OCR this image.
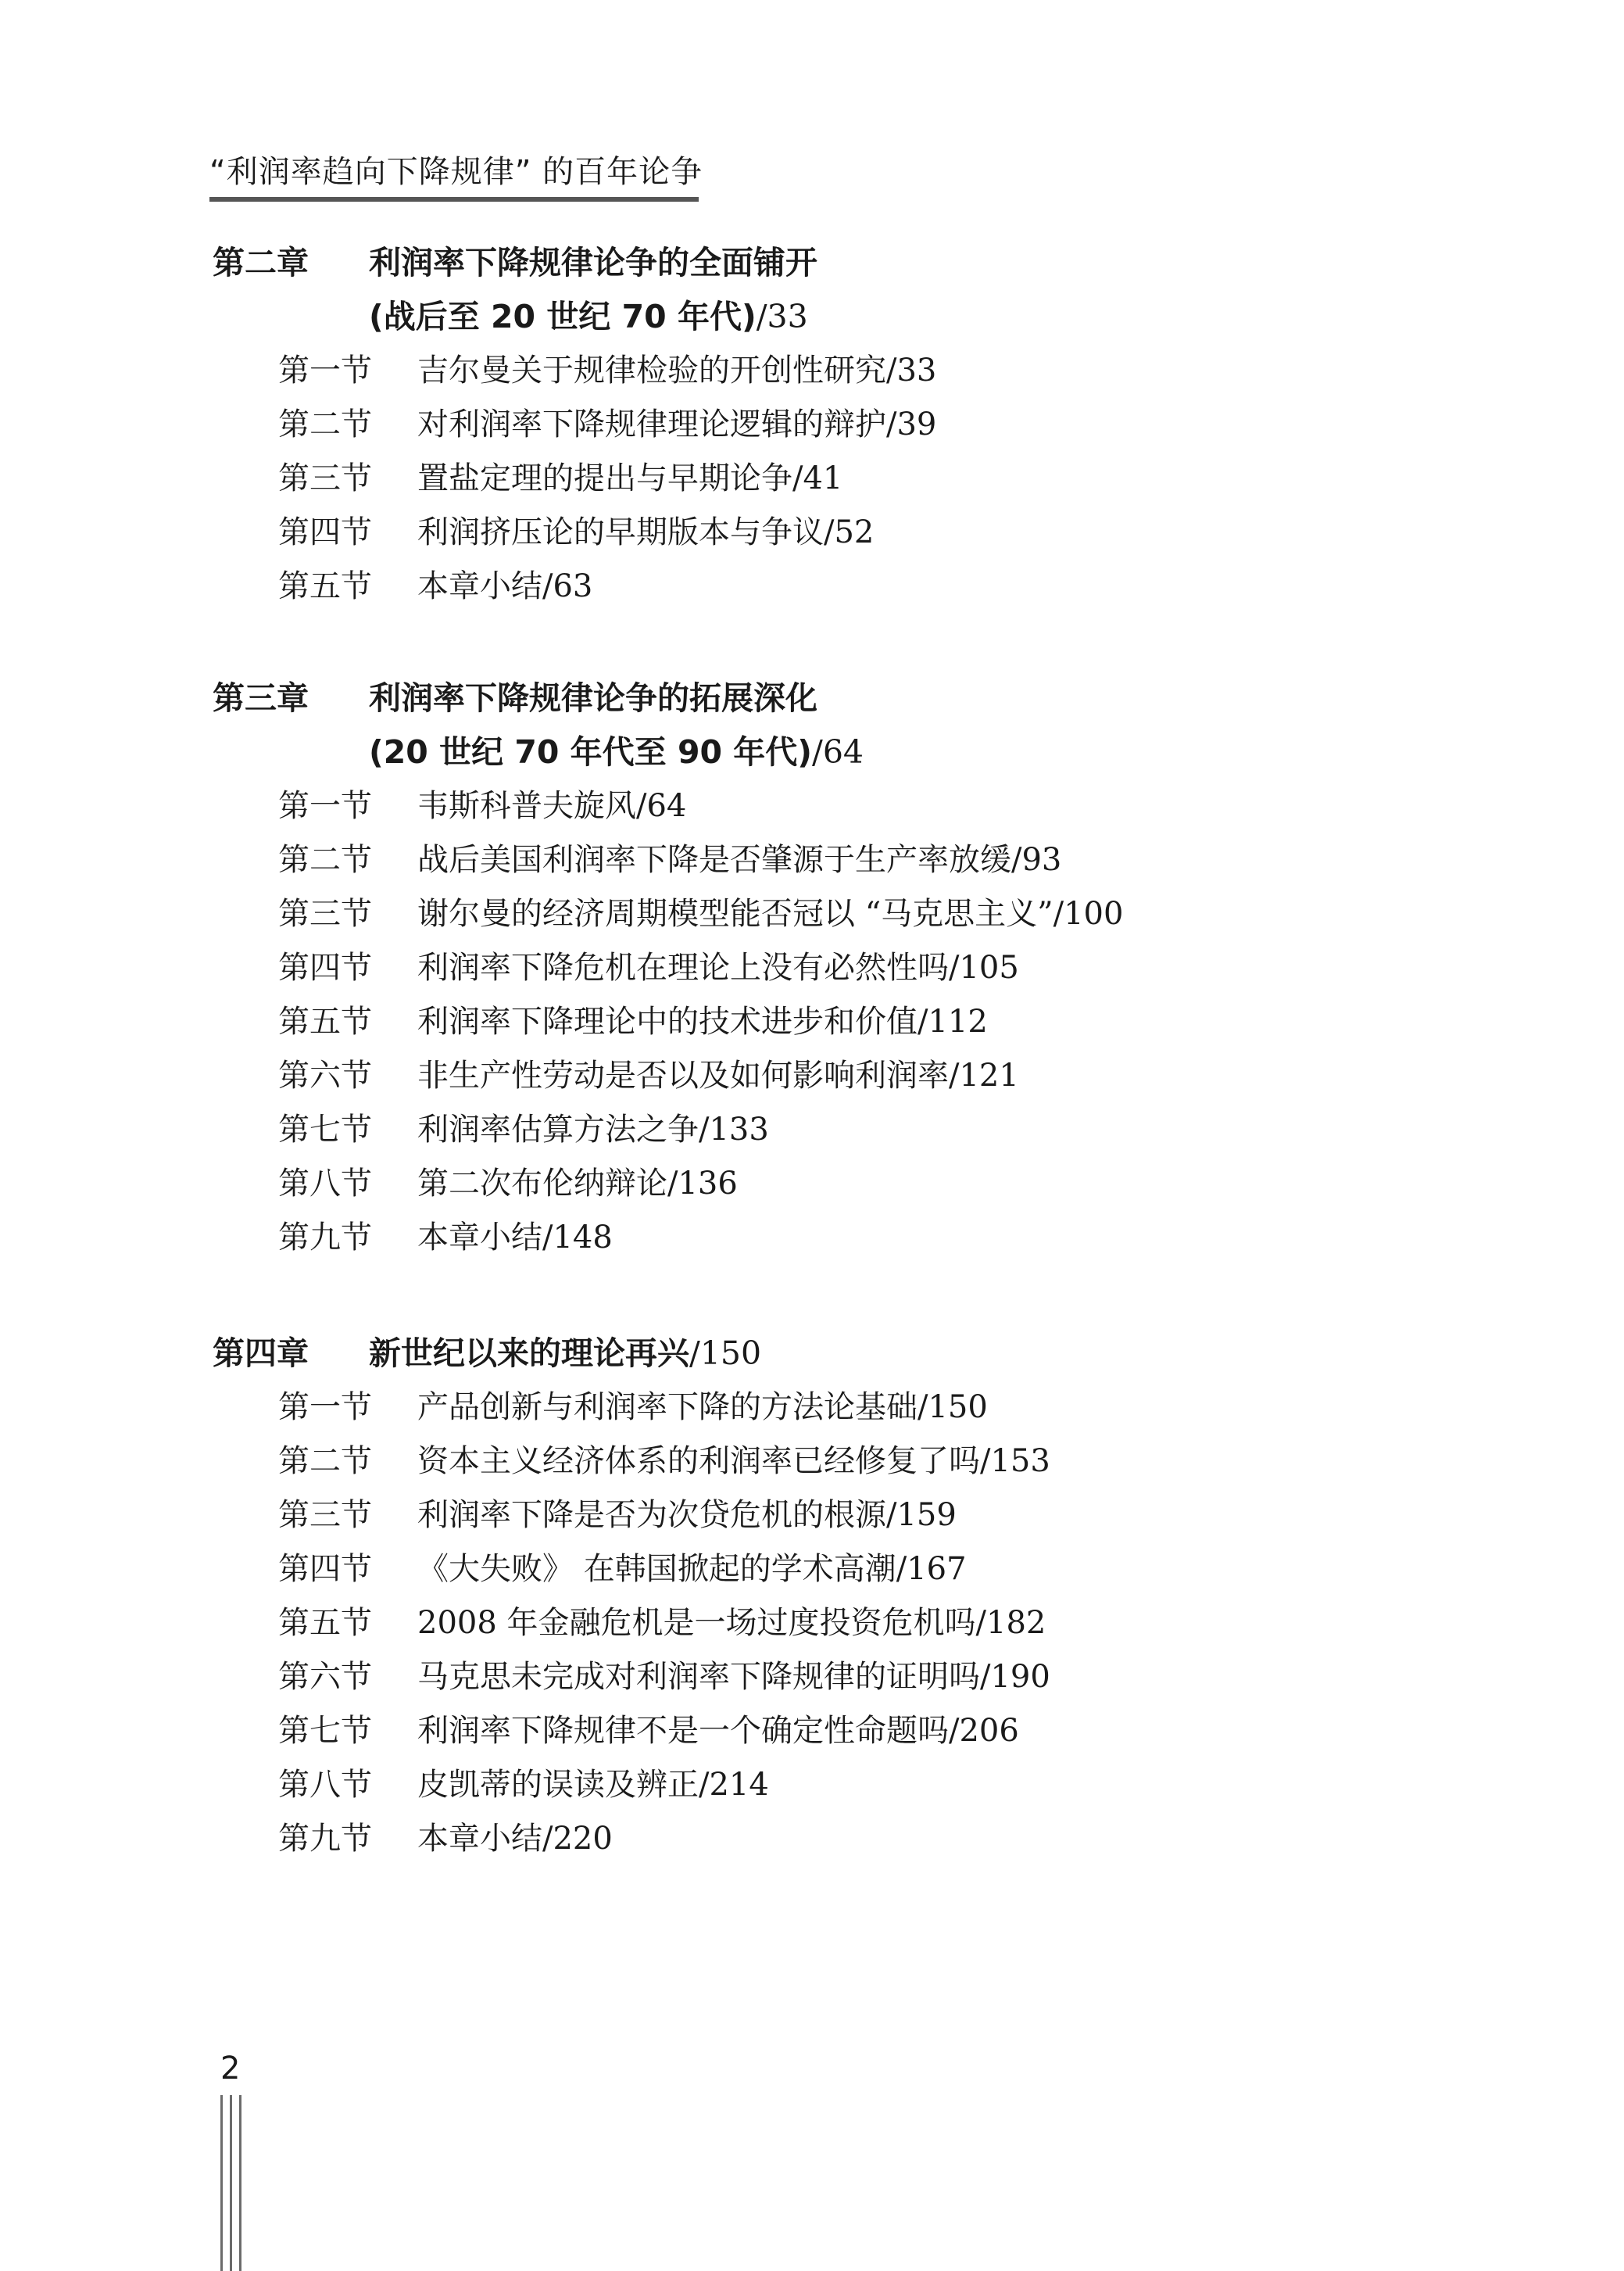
“利润率趋向下降规律” 的百年论争
第二章 利润率下降规律论争的全面铺开
(战后至 20 世纪 70 年代)/33
第一节 吉尔曼关于规律检验的开创性研究/33
第二节 对利润率下降规律理论逻辑的辩护/39
第三节 置盐定理的提出与早期论争/41
第四节 利润挤压论的早期版本与争议/52
第五节 本章小结/63
第三章 利润率下降规律论争的拓展深化
(20 世纪 70 年代至 90 年代)/64
第一节 韦斯科普夫旋风/64
第二节 战后美国利润率下降是否肇源于生产率放缓/93
第三节 谢尔曼的经济周期模型能否冠以 “马克思主义”/100
第四节 利润率下降危机在理论上没有必然性吗/105
第五节 利润率下降理论中的技术进步和价值/112
第六节 非生产性劳动是否以及如何影响利润率/121
第七节 利润率估算方法之争/133
第八节 第二次布伦纳辩论/136
第九节 本章小结/148
第四章 新世纪以来的理论再兴/150
第一节 产品创新与利润率下降的方法论基础/150
第二节 资本主义经济体系的利润率已经修复了吗/153
第三节 利润率下降是否为次贷危机的根源/159
第四节 《大失败》 在韩国掀起的学术高潮/167
第五节 2008 年金融危机是一场过度投资危机吗/182
第六节 马克思未完成对利润率下降规律的证明吗/190
第七节 利润率下降规律不是一个确定性命题吗/206
第八节 皮凯蒂的误读及辨正/214
第九节 本章小结/220
2
